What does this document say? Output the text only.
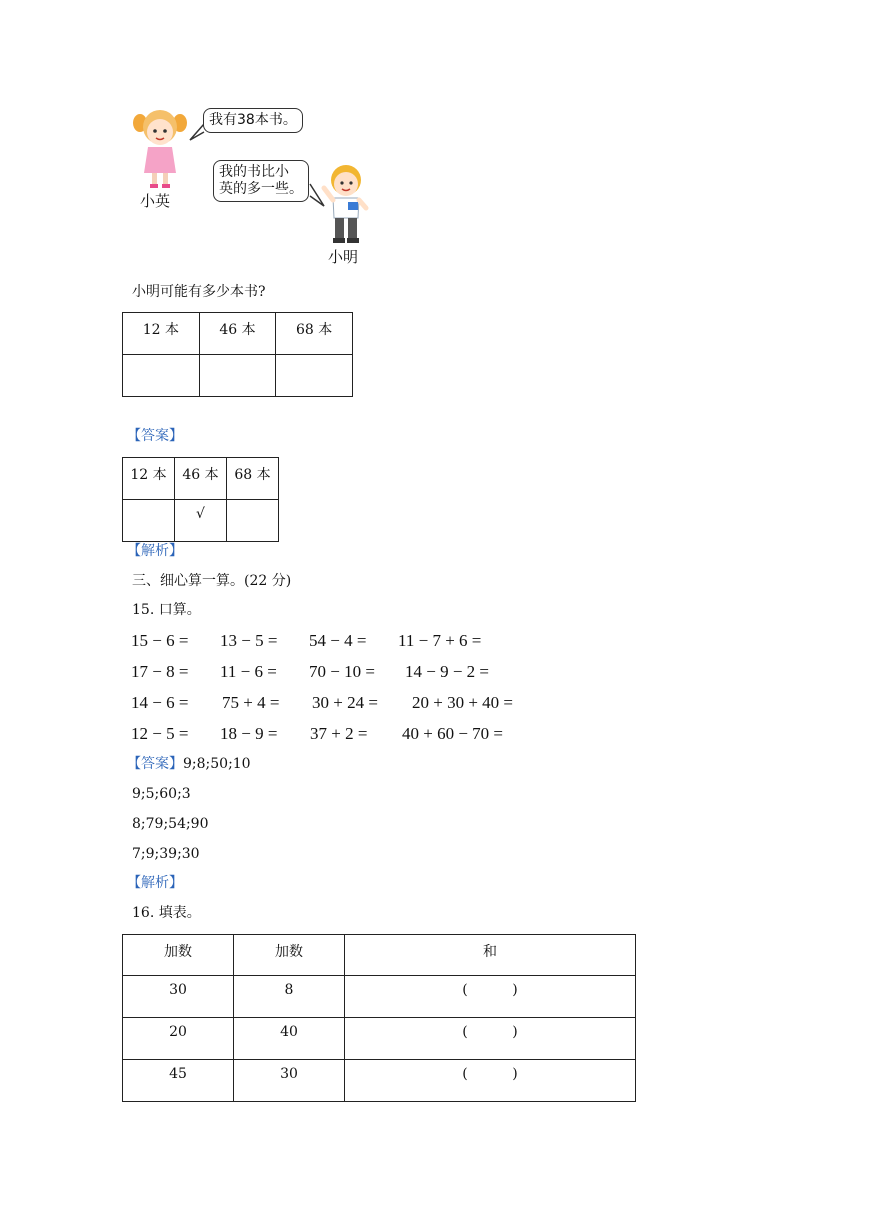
小英
我有38本书。
我的书比小
英的多一些。
小明
小明可能有多少本书?
12 本	46 本	68 本

【答案】
12 本	46 本	68 本
	√	
【解析】
三、细心算一算。(22 分)
15. 口算。
15 − 6 = 13 − 5 = 54 − 4 = 11 − 7 + 6 =
17 − 8 = 11 − 6 = 70 − 10 = 14 − 9 − 2 =
14 − 6 = 75 + 4 = 30 + 24 = 20 + 30 + 40 =
12 − 5 = 18 − 9 = 37 + 2 = 40 + 60 − 70 =
【答案】9;8;50;10
9;5;60;3
8;79;54;90
7;9;39;30
【解析】
16. 填表。
加数	加数	和
30	8	(          )
20	40	(          )
45	30	(          )
